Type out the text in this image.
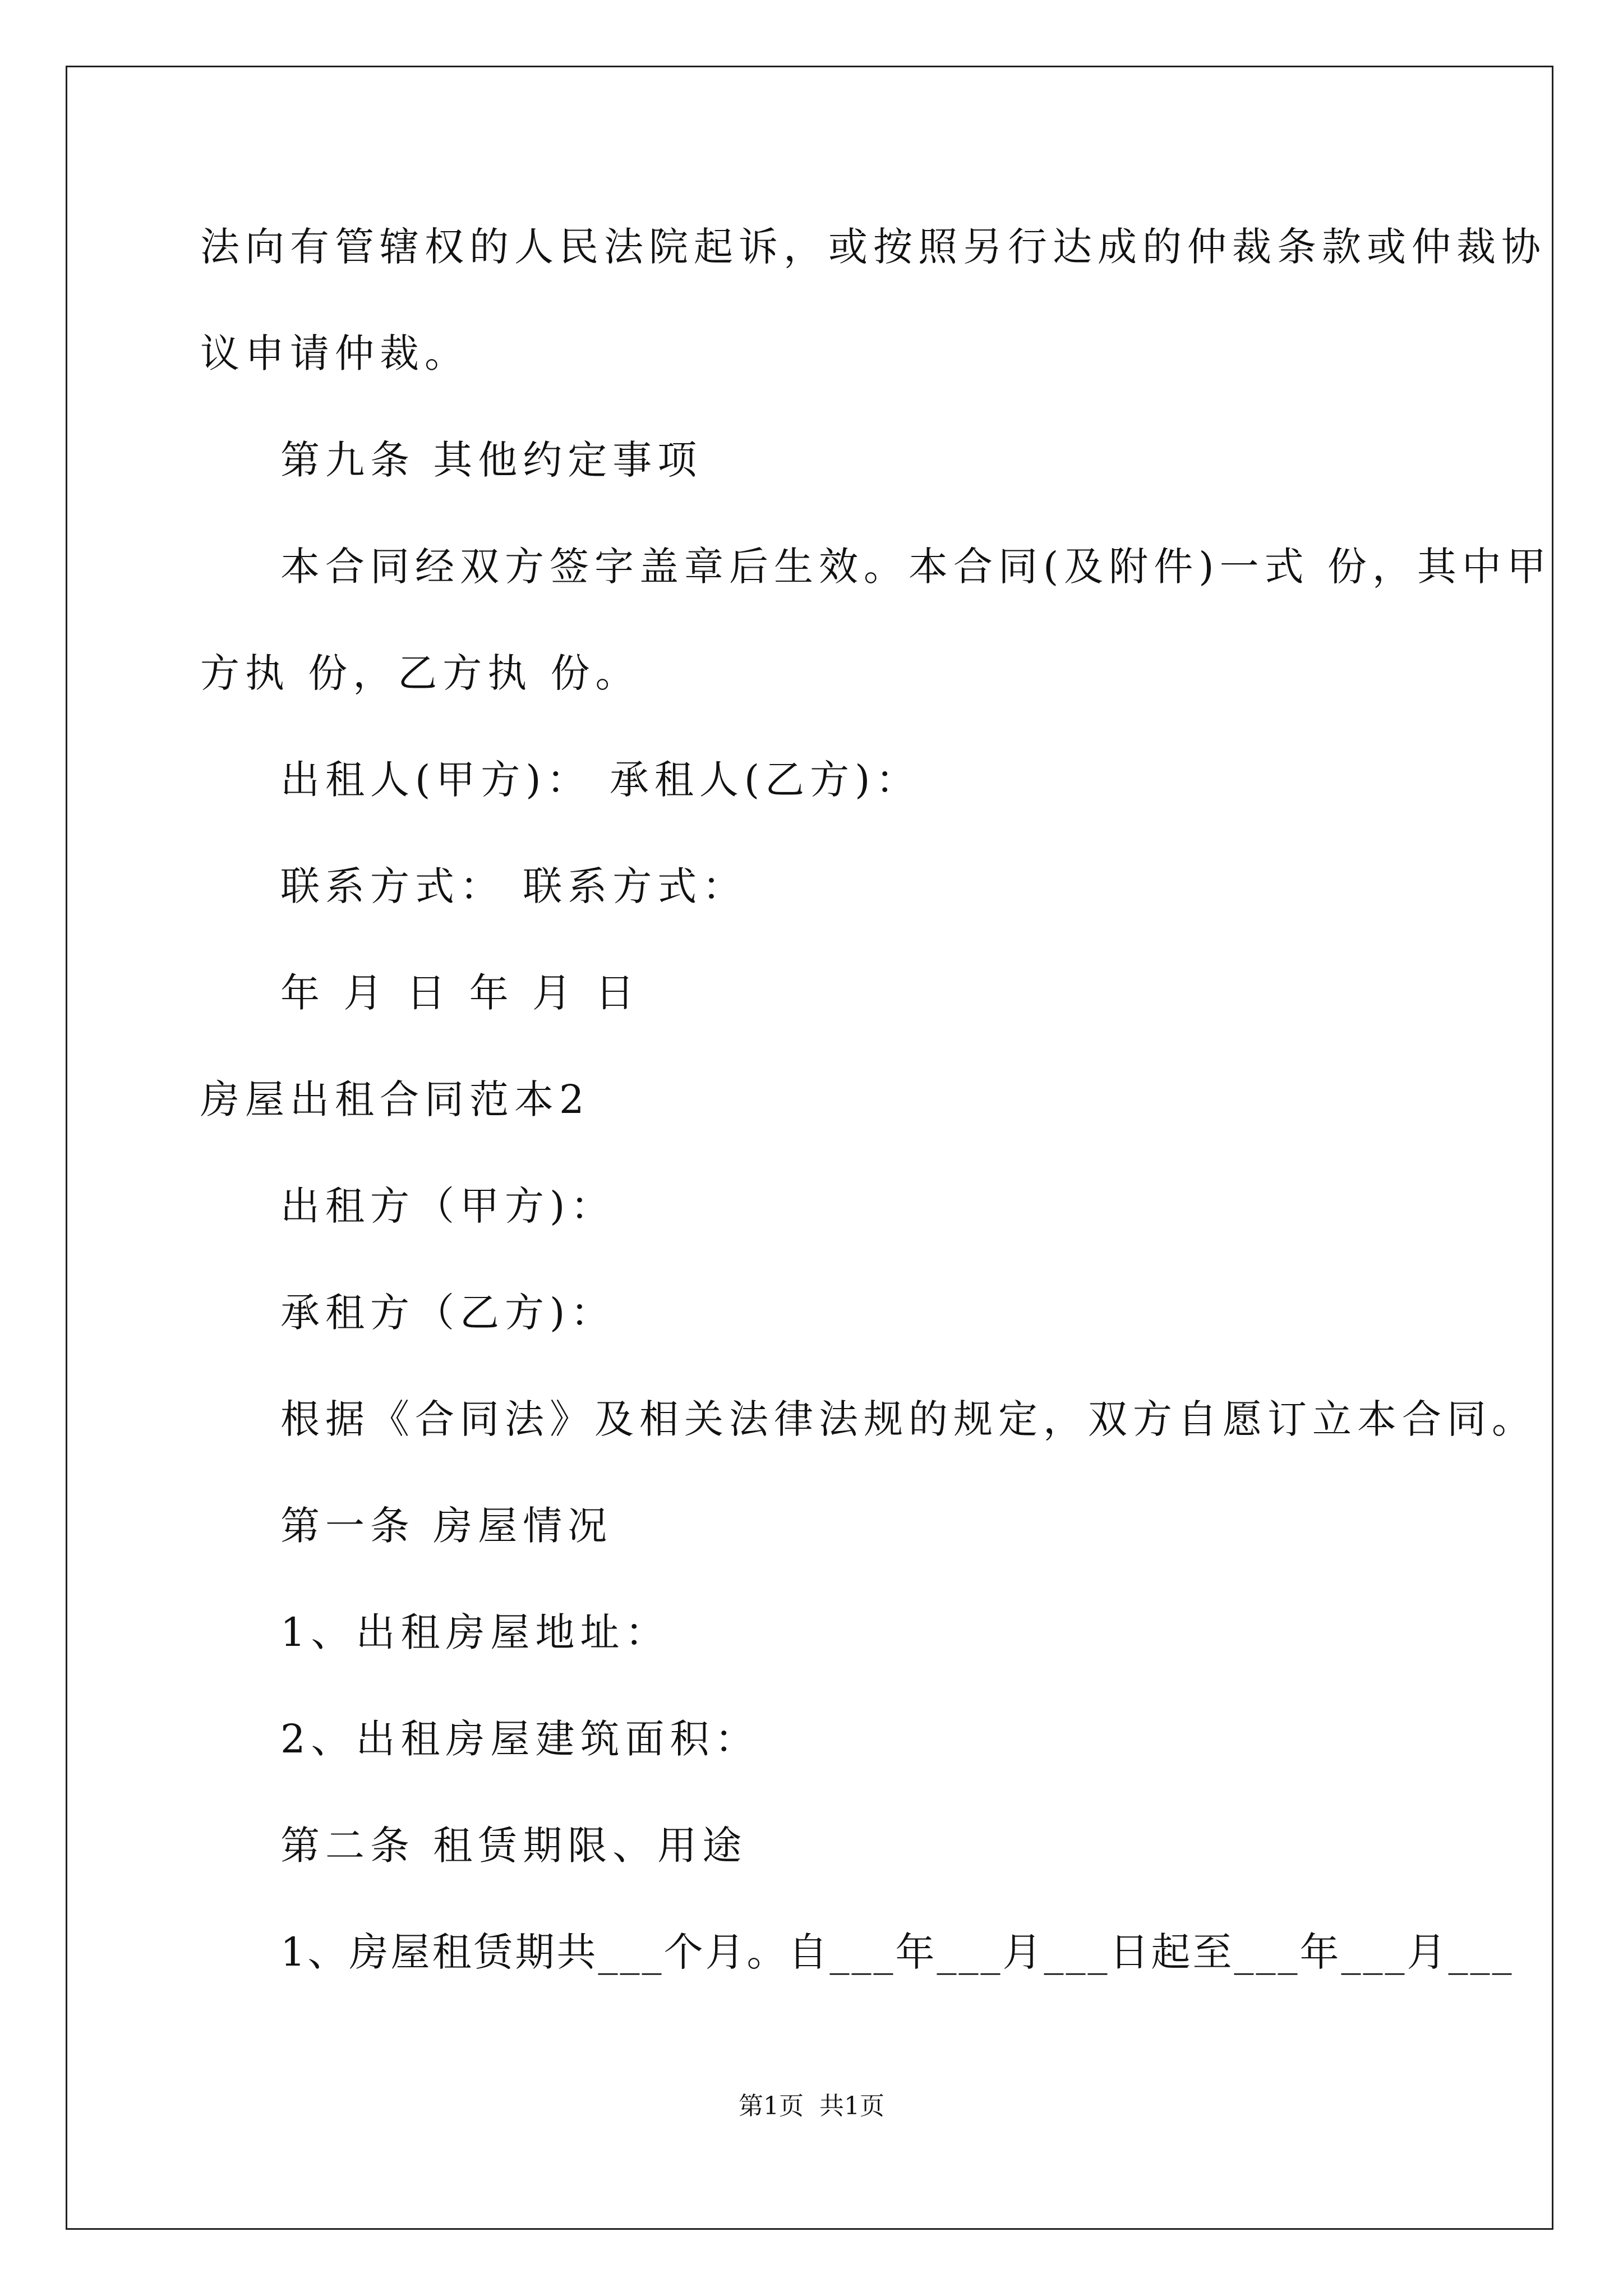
法向有管辖权的人民法院起诉，或按照另行达成的仲裁条款或仲裁协
议申请仲裁。
第九条 其他约定事项
本合同经双方签字盖章后生效。本合同(及附件)一式 份，其中甲
方执 份，乙方执 份。
出租人(甲方)： 承租人(乙方)：
联系方式： 联系方式：
年 月 日 年 月 日
房屋出租合同范本2
出租方（甲方)：
承租方（乙方)：
根据《合同法》及相关法律法规的规定，双方自愿订立本合同。
第一条 房屋情况
1、出租房屋地址：
2、出租房屋建筑面积：
第二条 租赁期限、用途
1、房屋租赁期共___个月。自___年___月___日起至___年___月___
第1页  共1页
